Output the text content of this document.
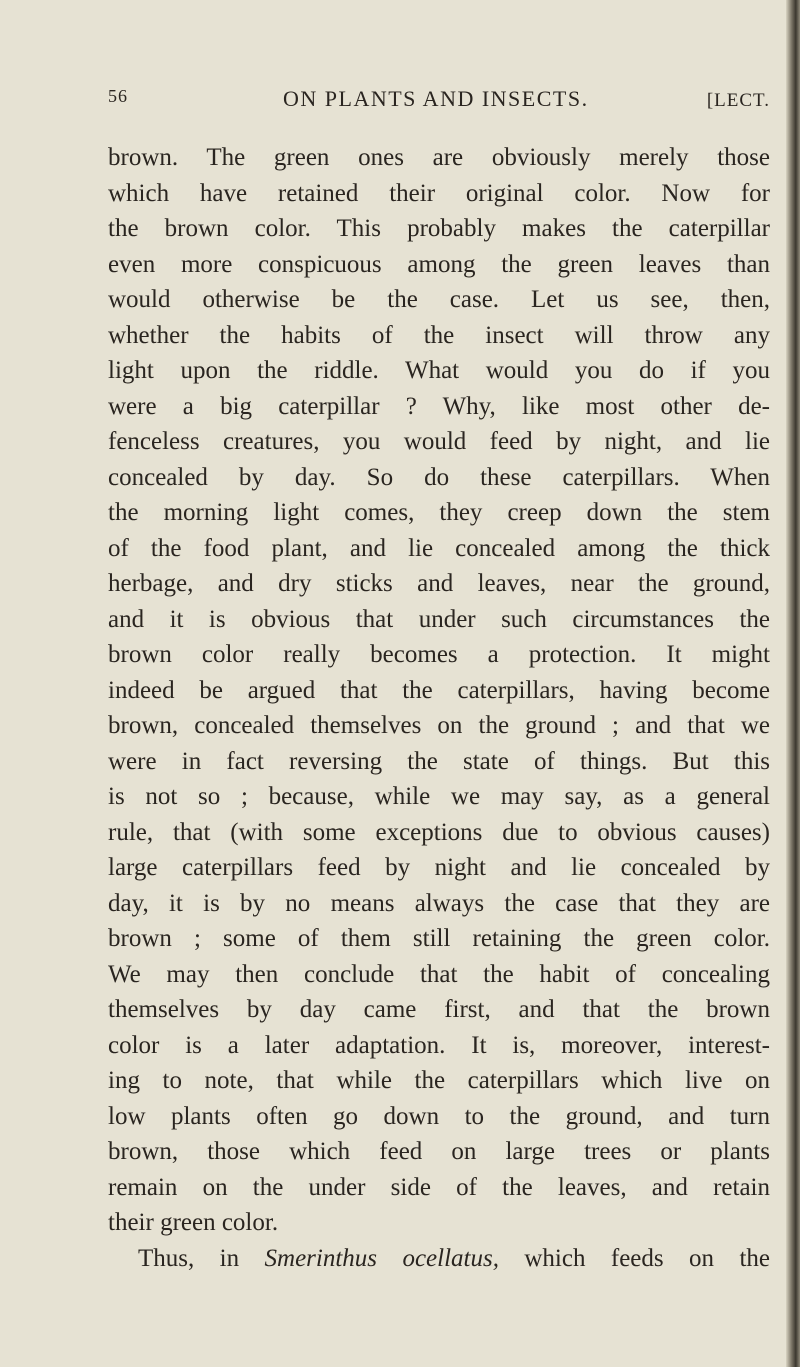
56	ON PLANTS AND INSECTS.	[LECT.
brown. The green ones are obviously merely those
which have retained their original color. Now for
the brown color. This probably makes the caterpillar
even more conspicuous among the green leaves than
would otherwise be the case. Let us see, then,
whether the habits of the insect will throw any
light upon the riddle. What would you do if you
were a big caterpillar ? Why, like most other de-
fenceless creatures, you would feed by night, and lie
concealed by day. So do these caterpillars. When
the morning light comes, they creep down the stem
of the food plant, and lie concealed among the thick
herbage, and dry sticks and leaves, near the ground,
and it is obvious that under such circumstances the
brown color really becomes a protection. It might
indeed be argued that the caterpillars, having become
brown, concealed themselves on the ground ; and that we
were in fact reversing the state of things. But this
is not so ; because, while we may say, as a general
rule, that (with some exceptions due to obvious causes)
large caterpillars feed by night and lie concealed by
day, it is by no means always the case that they are
brown ; some of them still retaining the green color.
We may then conclude that the habit of concealing
themselves by day came first, and that the brown
color is a later adaptation. It is, moreover, interest-
ing to note, that while the caterpillars which live on
low plants often go down to the ground, and turn
brown, those which feed on large trees or plants
remain on the under side of the leaves, and retain
their green color.
Thus, in Smerinthus ocellatus, which feeds on the
